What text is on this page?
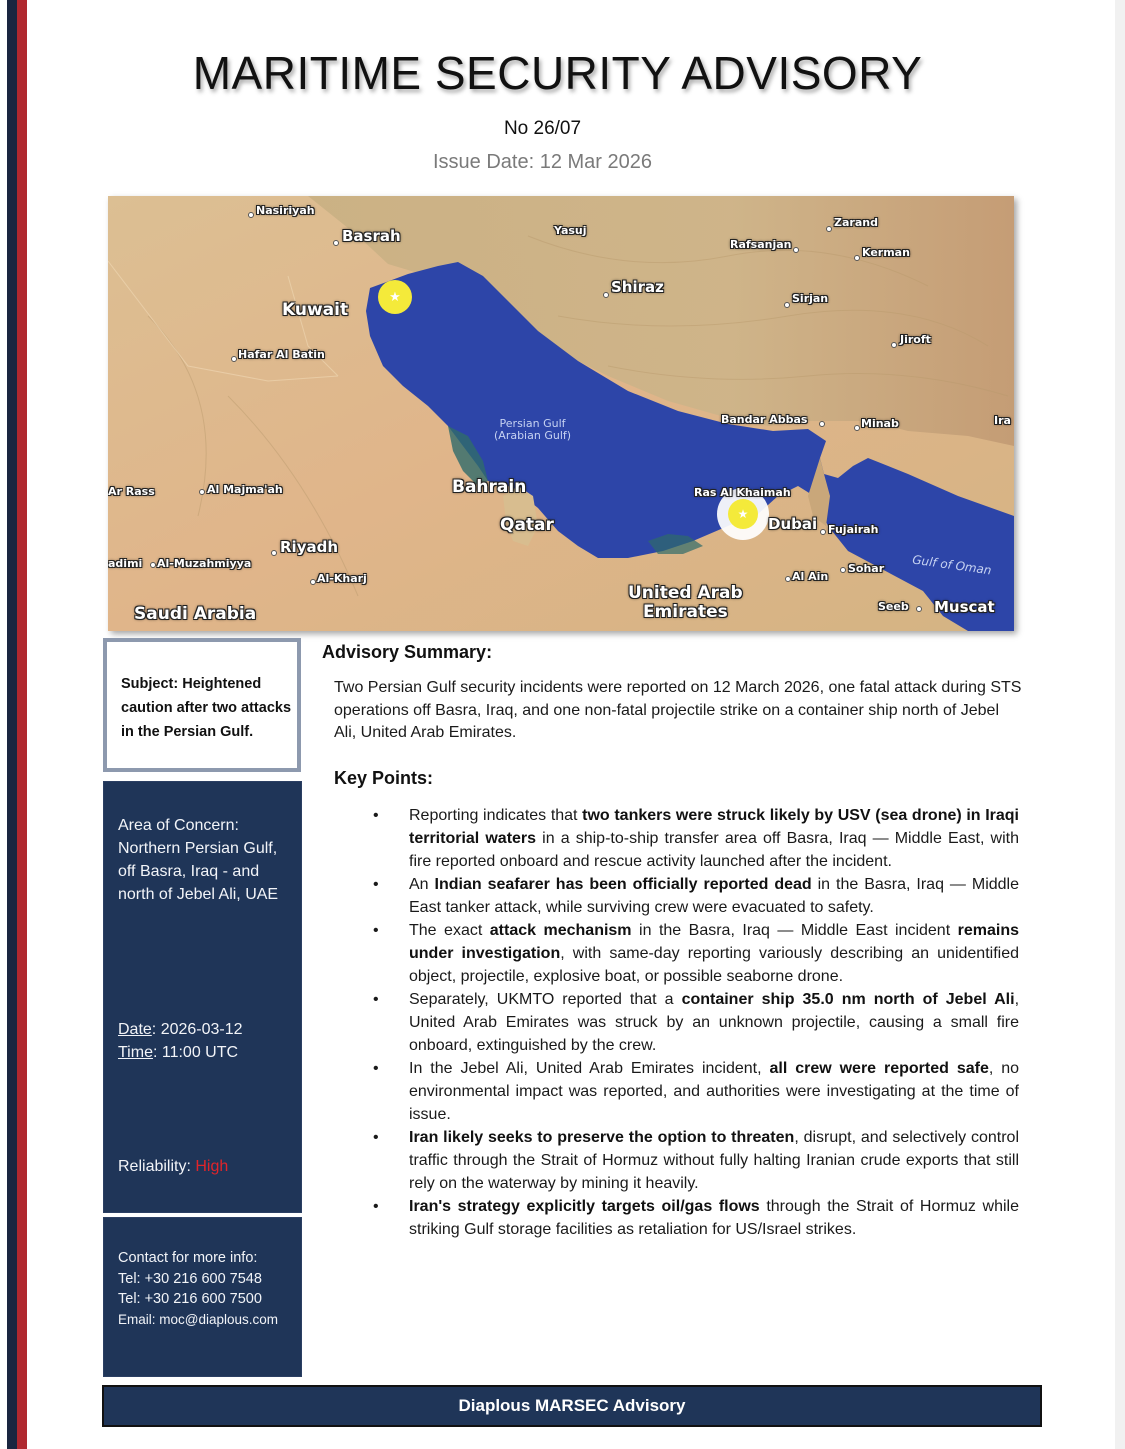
MARITIME SECURITY ADVISORY
No 26/07
Issue Date: 12 Mar 2026
★
★
Persian Gulf
(Arabian Gulf)
Gulf of Oman
Kuwait
Bahrain
Qatar
Saudi Arabia
United Arab
Emirates
Nasiriyah
Basrah
Hafar Al Batin
Yasuj
Shiraz
Rafsanjan
Zarand
Kerman
Sirjan
Jiroft
Bandar Abbas	Minab	Ira
Ras Al Khaimah
Dubai Fujairah
Al Ain
Sohar
Seeb Muscat
Ar Rass	Al Majma'ah
Riyadh
adimi Al-Muzahmiyya
Al-Kharj
Subject: Heightened caution after two attacks in the Persian Gulf.
Area of Concern: Northern Persian Gulf, off Basra, Iraq - and north of Jebel Ali, UAE
Date: 2026-03-12
Time: 11:00 UTC
Reliability: High
Contact for more info:
Tel: +30 216 600 7548
Tel: +30 216 600 7500
Email: moc@diaplous.com
Advisory Summary:

Two Persian Gulf security incidents were reported on 12 March 2026, one fatal attack during STS operations off Basra, Iraq, and one non-fatal projectile strike on a container ship north of Jebel Ali, United Arab Emirates.

Key Points:
• Reporting indicates that two tankers were struck likely by USV (sea drone) in Iraqi territorial waters in a ship-to-ship transfer area off Basra, Iraq — Middle East, with fire reported onboard and rescue activity launched after the incident.
• An Indian seafarer has been officially reported dead in the Basra, Iraq — Middle East tanker attack, while surviving crew were evacuated to safety.
• The exact attack mechanism in the Basra, Iraq — Middle East incident remains under investigation, with same-day reporting variously describing an unidentified object, projectile, explosive boat, or possible seaborne drone.
• Separately, UKMTO reported that a container ship 35.0 nm north of Jebel Ali, United Arab Emirates was struck by an unknown projectile, causing a small fire onboard, extinguished by the crew.
• In the Jebel Ali, United Arab Emirates incident, all crew were reported safe, no environmental impact was reported, and authorities were investigating at the time of issue.
• Iran likely seeks to preserve the option to threaten, disrupt, and selectively control traffic through the Strait of Hormuz without fully halting Iranian crude exports that still rely on the waterway by mining it heavily.
• Iran's strategy explicitly targets oil/gas flows through the Strait of Hormuz while striking Gulf storage facilities as retaliation for US/Israel strikes.
Diaplous MARSEC Advisory
